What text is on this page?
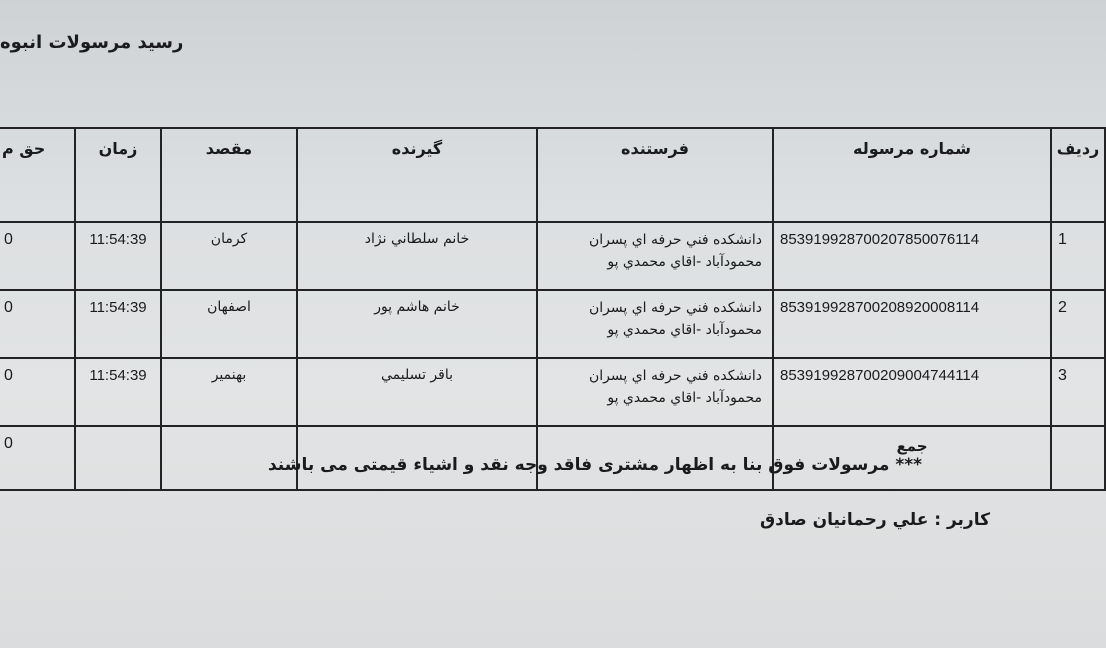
رسید مرسولات انبوه
ردیف	شماره مرسوله	فرستنده	گیرنده	مقصد	زمان	حق م
1	8539199287002078500761​14	دانشكده فني حرفه اي پسران محمودآباد -اقاي محمدي پو	خانم سلطاني نژاد	كرمان	11:54:39	0
2	853919928700208920008114	دانشكده فني حرفه اي پسران محمودآباد -اقاي محمدي پو	خانم هاشم پور	اصفهان	11:54:39	0
3	853919928700209004744114	دانشكده فني حرفه اي پسران محمودآباد -اقاي محمدي پو	باقر تسليمي	بهنمير	11:54:39	0
	جمع					0
*** مرسولات فوق بنا به اظهار مشتری فاقد وجه نقد و اشیاء قیمتی می باشند
كاربر : علي رحمانيان صادق
